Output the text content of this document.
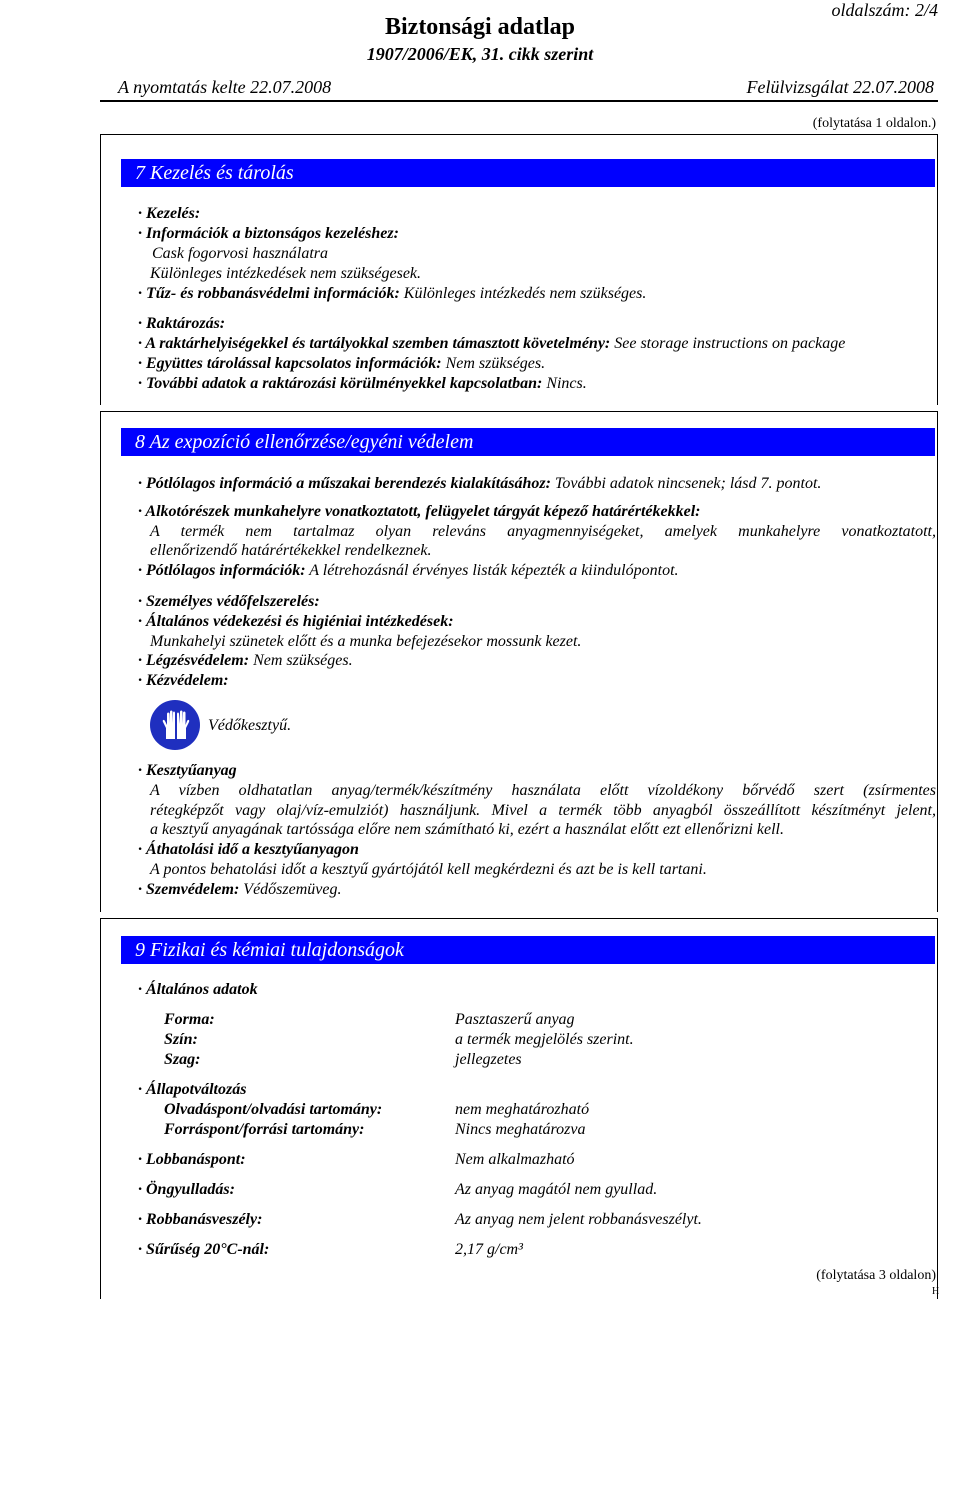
oldalszám: 2/4
Biztonsági adatlap
1907/2006/EK, 31. cikk szerint
A nyomtatás kelte 22.07.2008	Felülvizsgálat 22.07.2008
(folytatása 1 oldalon.)
7 Kezelés és tárolás
· Kezelés:
· Információk a biztonságos kezeléshez:
Cask fogorvosi használatra
Különleges intézkedések nem szükségesek.
· Tűz- és robbanásvédelmi információk: Különleges intézkedés nem szükséges.
· Raktározás:
· A raktárhelyiségekkel és tartályokkal szemben támasztott követelmény: See storage instructions on package
· Együttes tárolással kapcsolatos információk: Nem szükséges.
· További adatok a raktározási körülményekkel kapcsolatban: Nincs.
8 Az expozíció ellenőrzése/egyéni védelem
· Pótlólagos információ a műszakai berendezés kialakításához: További adatok nincsenek; lásd 7. pontot.
· Alkotórészek munkahelyre vonatkoztatott, felügyelet tárgyát képező határértékekkel:
A termék nem tartalmaz olyan releváns anyagmennyiségeket, amelyek munkahelyre vonatkoztatott,
ellenőrizendő határértékekkel rendelkeznek.
· Pótlólagos információk: A létrehozásnál érvényes listák képezték a kiindulópontot.
· Személyes védőfelszerelés:
· Általános védekezési és higiéniai intézkedések:
Munkahelyi szünetek előtt és a munka befejezésekor mossunk kezet.
· Légzésvédelem: Nem szükséges.
· Kézvédelem:
Védőkesztyű.
· Kesztyűanyag
A vízben oldhatatlan anyag/termék/készítmény használata előtt vízoldékony bőrvédő szert (zsírmentes
rétegképzőt vagy olaj/víz-emulziót) használjunk. Mivel a termék több anyagból összeállított készítményt jelent,
a kesztyű anyagának tartóssága előre nem számítható ki, ezért a használat előtt ezt ellenőrizni kell.
· Áthatolási idő a kesztyűanyagon
A pontos behatolási időt a kesztyű gyártójától kell megkérdezni és azt be is kell tartani.
· Szemvédelem: Védőszemüveg.
9 Fizikai és kémiai tulajdonságok
· Általános adatok
Forma:	Pasztaszerű anyag
Szín:	a termék megjelölés szerint.
Szag:	jellegzetes
· Állapotváltozás
Olvadáspont/olvadási tartomány:	nem meghatározható
Forráspont/forrási tartomány:	Nincs meghatározva
· Lobbanáspont:	Nem alkalmazható
· Öngyulladás:	Az anyag magától nem gyullad.
· Robbanásveszély:	Az anyag nem jelent robbanásveszélyt.
· Sűrűség 20°C-nál:	2,17 g/cm³
(folytatása 3 oldalon)
H
